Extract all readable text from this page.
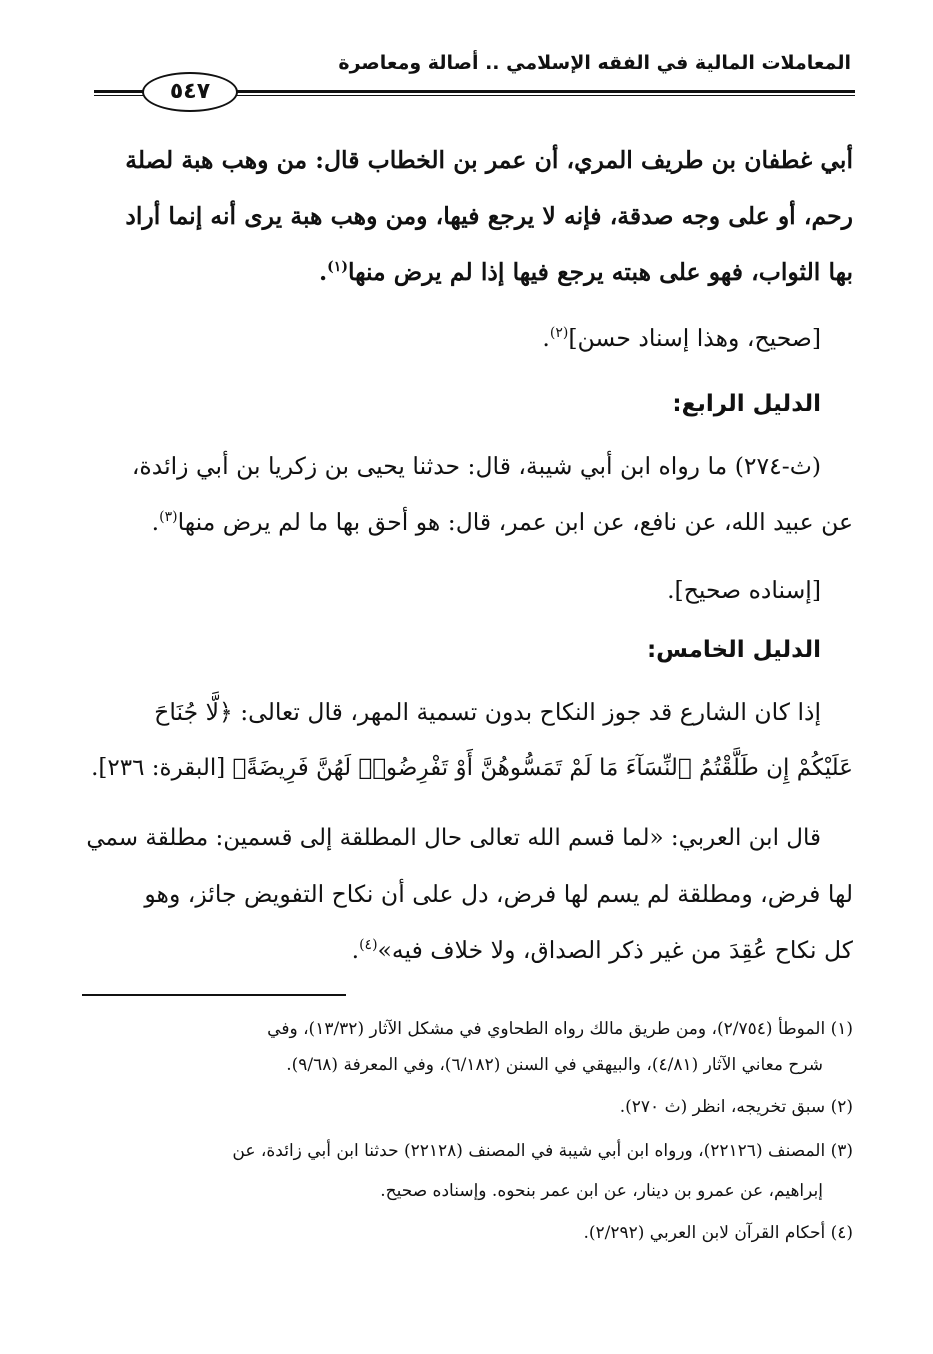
المعاملات المالية في الفقه الإسلامي .. أصالة ومعاصرة
٥٤٧
أبي غطفان بن طريف المري، أن عمر بن الخطاب قال: من وهب هبة لصلة
رحم، أو على وجه صدقة، فإنه لا يرجع فيها، ومن وهب هبة يرى أنه إنما أراد
بها الثواب، فهو على هبته يرجع فيها إذا لم يرض منها$^{(١)}$.
[صحيح، وهذا إسناد حسن]$^{(٢)}$.
الدليل الرابع:
(ث-٢٧٤) ما رواه ابن أبي شيبة، قال: حدثنا يحيى بن زكريا بن أبي زائدة،
عن عبيد الله، عن نافع، عن ابن عمر، قال: هو أحق بها ما لم يرض منها$^{(٣)}$.
[إسناده صحيح].
الدليل الخامس:
إذا كان الشارع قد جوز النكاح بدون تسمية المهر، قال تعالى: ﴿لَّا جُنَاحَ
عَلَيْكُمْ إِن طَلَّقْتُمُ ٱلنِّسَآءَ مَا لَمْ تَمَسُّوهُنَّ أَوْ تَفْرِضُوا۟ لَهُنَّ فَرِيضَةً﴾ [البقرة: ٢٣٦].
قال ابن العربي: «لما قسم الله تعالى حال المطلقة إلى قسمين: مطلقة سمي
لها فرض، ومطلقة لم يسم لها فرض، دل على أن نكاح التفويض جائز، وهو
كل نكاح عُقِدَ من غير ذكر الصداق، ولا خلاف فيه»$^{(٤)}$.
(١) الموطأ (٢/٧٥٤)، ومن طريق مالك رواه الطحاوي في مشكل الآثار (١٣/٣٢)، وفي
شرح معاني الآثار (٤/٨١)، والبيهقي في السنن (٦/١٨٢)، وفي المعرفة (٩/٦٨).
(٢) سبق تخريجه، انظر (ث ٢٧٠).
(٣) المصنف (٢٢١٢٦)، ورواه ابن أبي شيبة في المصنف (٢٢١٢٨) حدثنا ابن أبي زائدة، عن
إبراهيم، عن عمرو بن دينار، عن ابن عمر بنحوه. وإسناده صحيح.
(٤) أحكام القرآن لابن العربي (٢/٢٩٢).
